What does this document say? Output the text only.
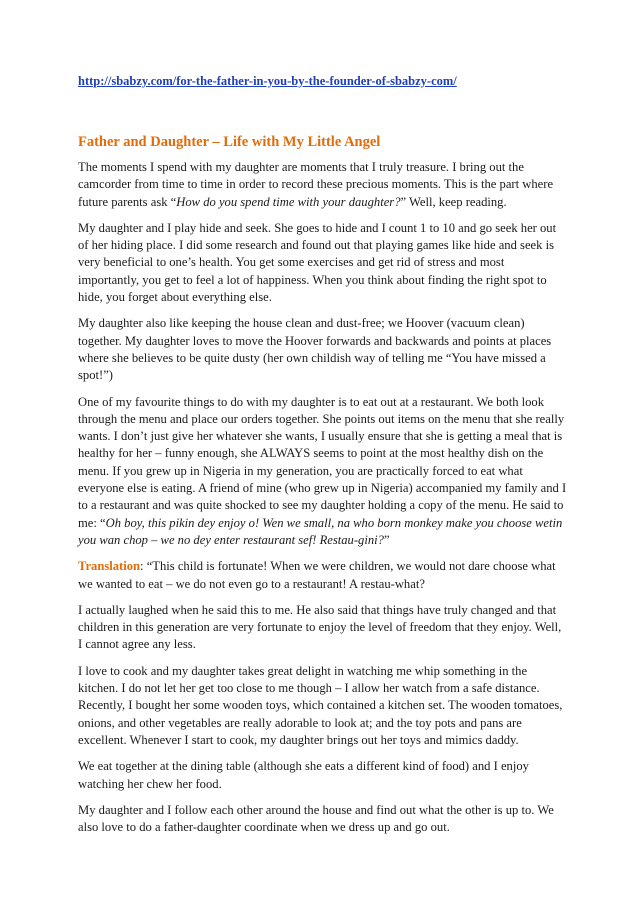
http://sbabzy.com/for-the-father-in-you-by-the-founder-of-sbabzy-com/
Father and Daughter – Life with My Little Angel

The moments I spend with my daughter are moments that I truly treasure. I bring out the camcorder from time to time in order to record these precious moments. This is the part where future parents ask “How do you spend time with your daughter?” Well, keep reading.

My daughter and I play hide and seek. She goes to hide and I count 1 to 10 and go seek her out of her hiding place. I did some research and found out that playing games like hide and seek is very beneficial to one’s health. You get some exercises and get rid of stress and most importantly, you get to feel a lot of happiness. When you think about finding the right spot to hide, you forget about everything else.

My daughter also like keeping the house clean and dust-free; we Hoover (vacuum clean) together. My daughter loves to move the Hoover forwards and backwards and points at places where she believes to be quite dusty (her own childish way of telling me “You have missed a spot!”)

One of my favourite things to do with my daughter is to eat out at a restaurant. We both look through the menu and place our orders together. She points out items on the menu that she really wants. I don’t just give her whatever she wants, I usually ensure that she is getting a meal that is healthy for her – funny enough, she ALWAYS seems to point at the most healthy dish on the menu. If you grew up in Nigeria in my generation, you are practically forced to eat what everyone else is eating. A friend of mine (who grew up in Nigeria) accompanied my family and I to a restaurant and was quite shocked to see my daughter holding a copy of the menu. He said to me: “Oh boy, this pikin dey enjoy o! Wen we small, na who born monkey make you choose wetin you wan chop – we no dey enter restaurant sef! Restau-gini?”

Translation: “This child is fortunate! When we were children, we would not dare choose what we wanted to eat – we do not even go to a restaurant! A restau-what?

I actually laughed when he said this to me. He also said that things have truly changed and that children in this generation are very fortunate to enjoy the level of freedom that they enjoy. Well, I cannot agree any less.

I love to cook and my daughter takes great delight in watching me whip something in the kitchen. I do not let her get too close to me though – I allow her watch from a safe distance. Recently, I bought her some wooden toys, which contained a kitchen set. The wooden tomatoes, onions, and other vegetables are really adorable to look at; and the toy pots and pans are excellent. Whenever I start to cook, my daughter brings out her toys and mimics daddy.

We eat together at the dining table (although she eats a different kind of food) and I enjoy watching her chew her food.

My daughter and I follow each other around the house and find out what the other is up to. We also love to do a father-daughter coordinate when we dress up and go out.
